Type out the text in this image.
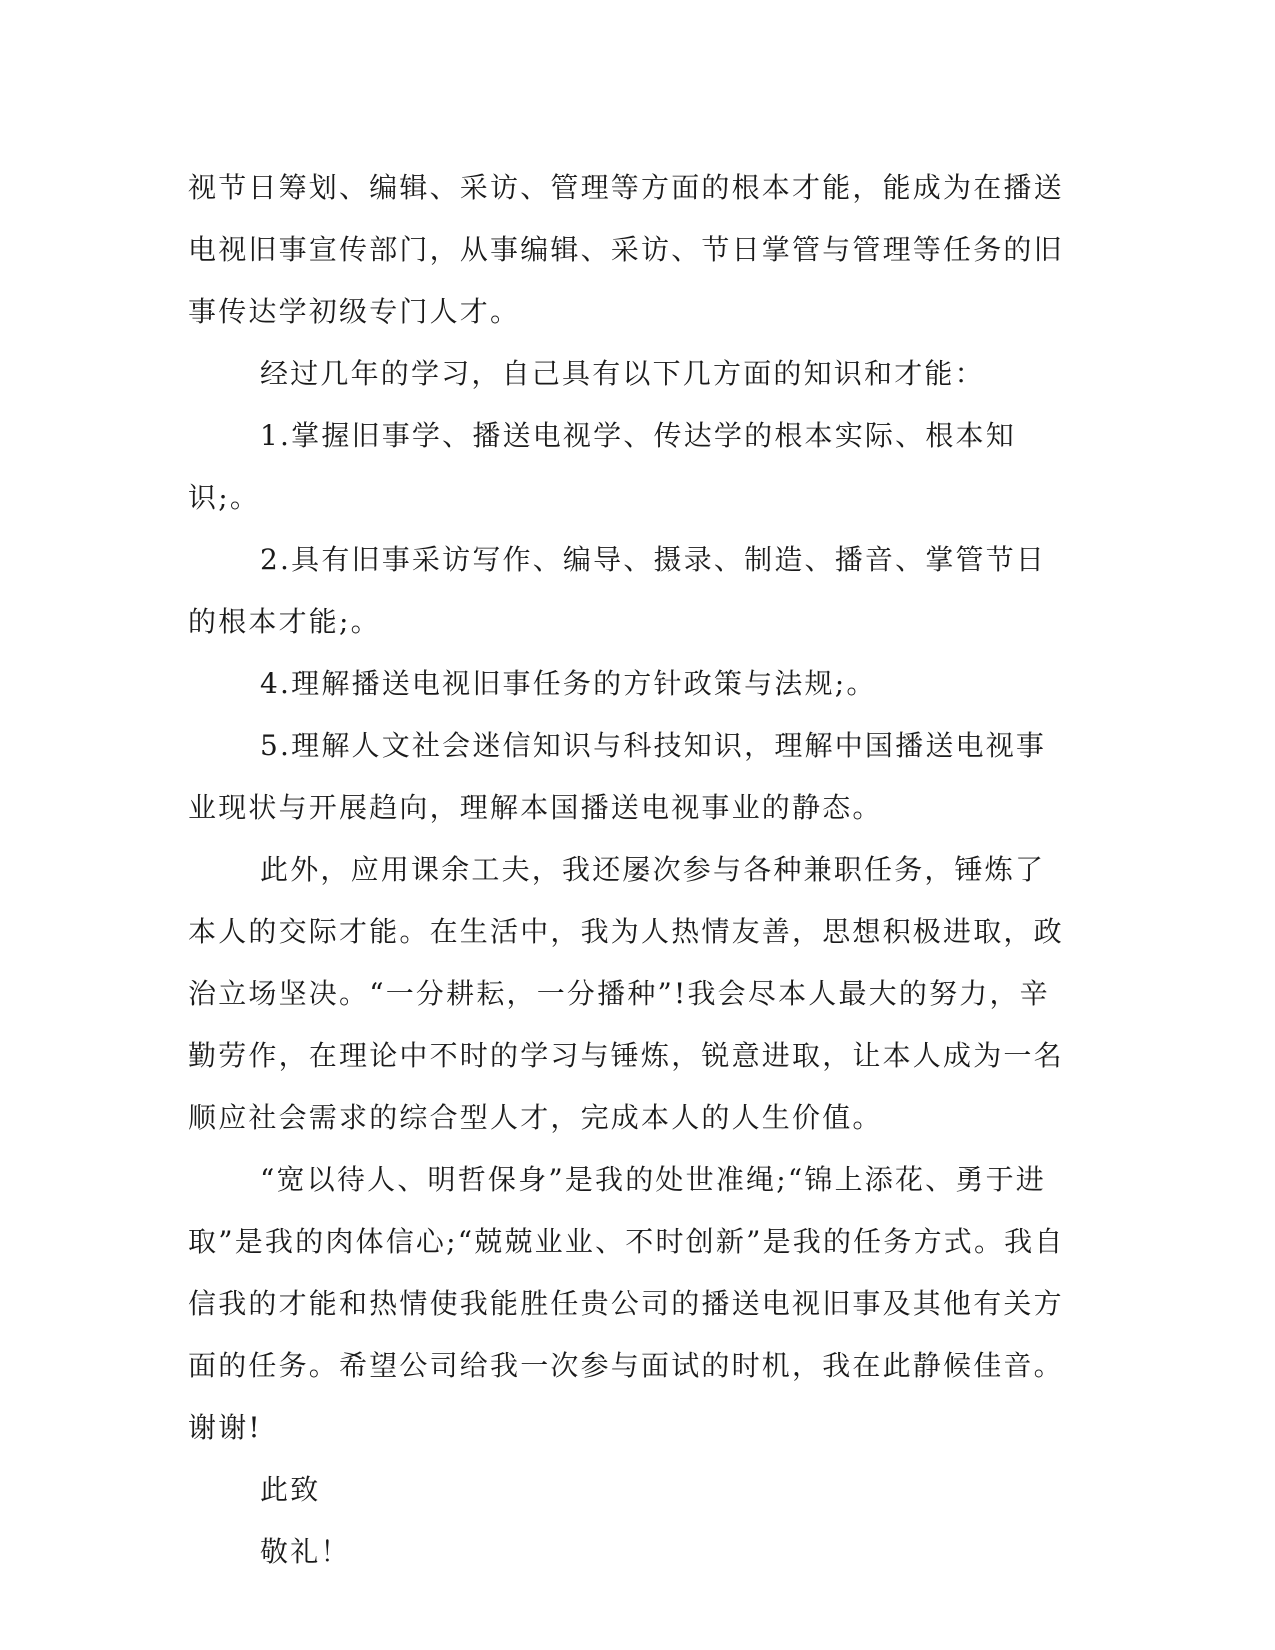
视节日筹划、编辑、采访、管理等方面的根本才能，能成为在播送电视旧事宣传部门，从事编辑、采访、节日掌管与管理等任务的旧事传达学初级专门人才。

经过几年的学习，自己具有以下几方面的知识和才能：

1.掌握旧事学、播送电视学、传达学的根本实际、根本知识;。

2.具有旧事采访写作、编导、摄录、制造、播音、掌管节日的根本才能;。

4.理解播送电视旧事任务的方针政策与法规;。

5.理解人文社会迷信知识与科技知识，理解中国播送电视事业现状与开展趋向，理解本国播送电视事业的静态。

此外，应用课余工夫，我还屡次参与各种兼职任务，锤炼了本人的交际才能。在生活中，我为人热情友善，思想积极进取，政治立场坚决。“一分耕耘，一分播种”!我会尽本人最大的努力，辛勤劳作，在理论中不时的学习与锤炼，锐意进取，让本人成为一名顺应社会需求的综合型人才，完成本人的人生价值。

“宽以待人、明哲保身”是我的处世准绳;“锦上添花、勇于进取”是我的肉体信心;“兢兢业业、不时创新”是我的任务方式。我自信我的才能和热情使我能胜任贵公司的播送电视旧事及其他有关方面的任务。希望公司给我一次参与面试的时机，我在此静候佳音。谢谢!

此致

敬礼！
